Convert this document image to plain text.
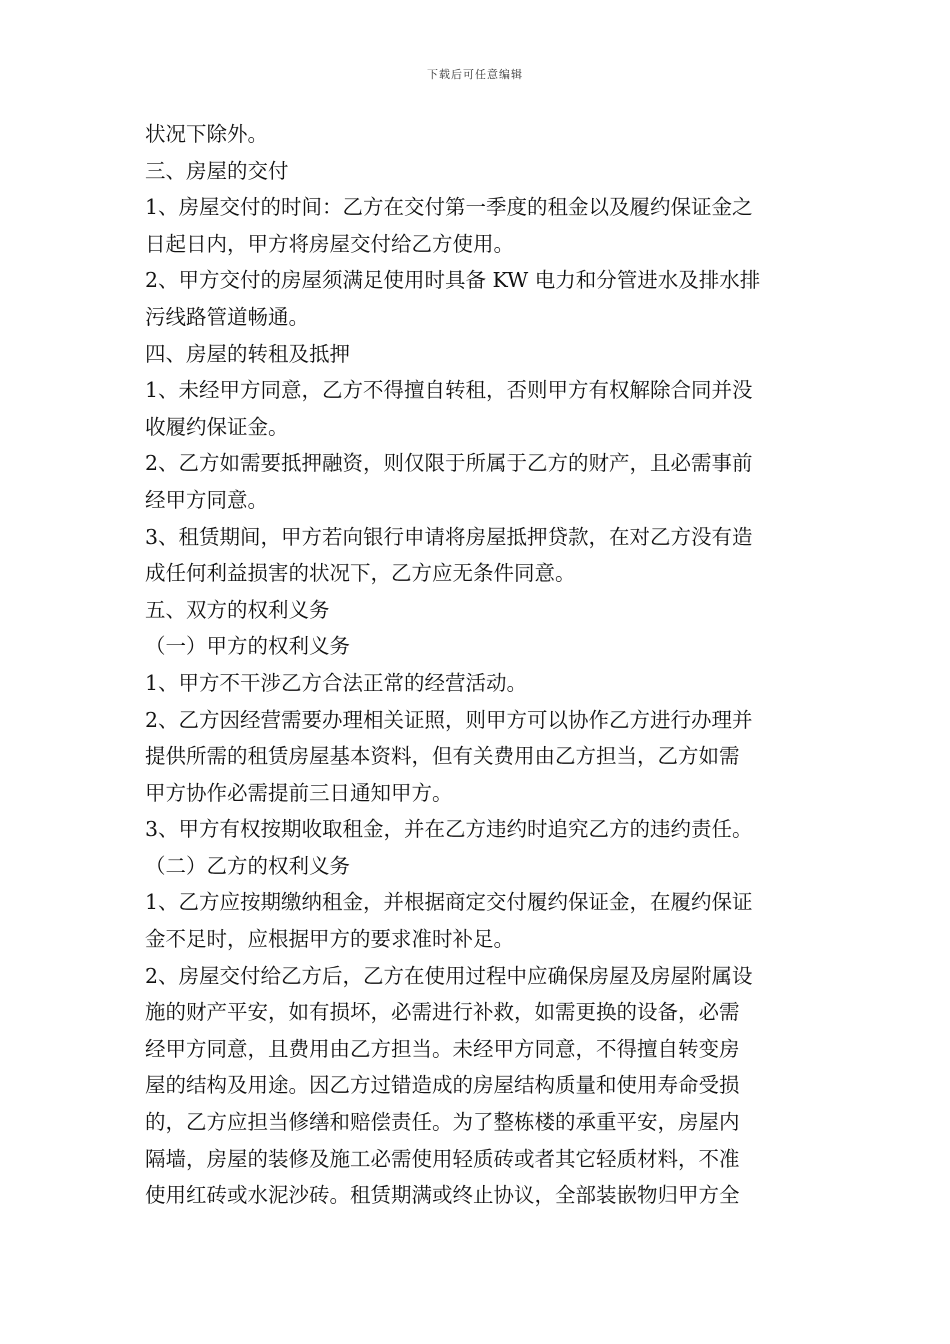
下载后可任意编辑
状况下除外。
三、房屋的交付
1、房屋交付的时间：乙方在交付第一季度的租金以及履约保证金之
日起日内，甲方将房屋交付给乙方使用。
2、甲方交付的房屋须满足使用时具备 KW 电力和分管进水及排水排
污线路管道畅通。
四、房屋的转租及抵押
1、未经甲方同意，乙方不得擅自转租，否则甲方有权解除合同并没
收履约保证金。
2、乙方如需要抵押融资，则仅限于所属于乙方的财产，且必需事前
经甲方同意。
3、租赁期间，甲方若向银行申请将房屋抵押贷款，在对乙方没有造
成任何利益损害的状况下，乙方应无条件同意。
五、双方的权利义务
（一）甲方的权利义务
1、甲方不干涉乙方合法正常的经营活动。
2、乙方因经营需要办理相关证照，则甲方可以协作乙方进行办理并
提供所需的租赁房屋基本资料，但有关费用由乙方担当，乙方如需
甲方协作必需提前三日通知甲方。
3、甲方有权按期收取租金，并在乙方违约时追究乙方的违约责任。
（二）乙方的权利义务
1、乙方应按期缴纳租金，并根据商定交付履约保证金，在履约保证
金不足时，应根据甲方的要求准时补足。
2、房屋交付给乙方后，乙方在使用过程中应确保房屋及房屋附属设
施的财产平安，如有损坏，必需进行补救，如需更换的设备，必需
经甲方同意，且费用由乙方担当。未经甲方同意，不得擅自转变房
屋的结构及用途。因乙方过错造成的房屋结构质量和使用寿命受损
的，乙方应担当修缮和赔偿责任。为了整栋楼的承重平安，房屋内
隔墙，房屋的装修及施工必需使用轻质砖或者其它轻质材料，不准
使用红砖或水泥沙砖。租赁期满或终止协议，全部装嵌物归甲方全
